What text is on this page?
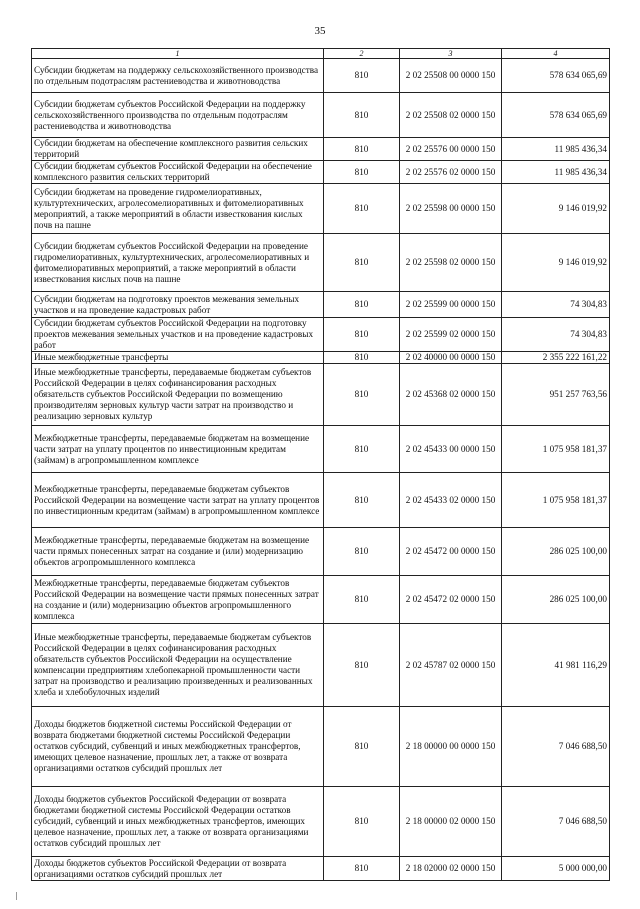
35
1	2	3	4
Субсидии бюджетам на поддержку сельскохозяйственного производства по отдельным подотраслям растениеводства и животноводства	810	2 02 25508 00 0000 150	578 634 065,69
Субсидии бюджетам субъектов Российской Федерации на поддержку сельскохозяйственного производства по отдельным подотраслям растениеводства и животноводства	810	2 02 25508 02 0000 150	578 634 065,69
Субсидии бюджетам на обеспечение комплексного развития сельских территорий	810	2 02 25576 00 0000 150	11 985 436,34
Субсидии бюджетам субъектов Российской Федерации на обеспечение комплексного развития сельских территорий	810	2 02 25576 02 0000 150	11 985 436,34
Субсидии бюджетам на проведение гидромелиоративных, культуртехнических, агролесомелиоративных и фитомелиоративных мероприятий, а также мероприятий в области известкования кислых почв на пашне	810	2 02 25598 00 0000 150	9 146 019,92
Субсидии бюджетам субъектов Российской Федерации на проведение гидромелиоративных, культуртехнических, агролесомелиоративных и фитомелиоративных мероприятий, а также мероприятий в области известкования кислых почв на пашне	810	2 02 25598 02 0000 150	9 146 019,92
Субсидии бюджетам на подготовку проектов межевания земельных участков и на проведение кадастровых работ	810	2 02 25599 00 0000 150	74 304,83
Субсидии бюджетам субъектов Российской Федерации на подготовку проектов межевания земельных участков и на проведение кадастровых работ	810	2 02 25599 02 0000 150	74 304,83
Иные межбюджетные трансферты	810	2 02 40000 00 0000 150	2 355 222 161,22
Иные межбюджетные трансферты, передаваемые бюджетам субъектов Российской Федерации в целях софинансирования расходных обязательств субъектов Российской Федерации по возмещению производителям зерновых культур части затрат на производство и реализацию зерновых культур	810	2 02 45368 02 0000 150	951 257 763,56
Межбюджетные трансферты, передаваемые бюджетам на возмещение части затрат на уплату процентов по инвестиционным кредитам (займам) в агропромышленном комплексе	810	2 02 45433 00 0000 150	1 075 958 181,37
Межбюджетные трансферты, передаваемые бюджетам субъектов Российской Федерации на возмещение части затрат на уплату процентов по инвестиционным кредитам (займам) в агропромышленном комплексе	810	2 02 45433 02 0000 150	1 075 958 181,37
Межбюджетные трансферты, передаваемые бюджетам на возмещение части прямых понесенных затрат на создание и (или) модернизацию объектов агропромышленного комплекса	810	2 02 45472 00 0000 150	286 025 100,00
Межбюджетные трансферты, передаваемые бюджетам субъектов Российской Федерации на возмещение части прямых понесенных затрат на создание и (или) модернизацию объектов агропромышленного комплекса	810	2 02 45472 02 0000 150	286 025 100,00
Иные межбюджетные трансферты, передаваемые бюджетам субъектов Российской Федерации в целях софинансирования расходных обязательств субъектов Российской Федерации на осуществление компенсации предприятиям хлебопекарной промышленности части затрат на производство и реализацию произведенных и реализованных хлеба и хлебобулочных изделий	810	2 02 45787 02 0000 150	41 981 116,29
Доходы бюджетов бюджетной системы Российской Федерации от возврата бюджетами бюджетной системы Российской Федерации остатков субсидий, субвенций и иных межбюджетных трансфертов, имеющих целевое назначение, прошлых лет, а также от возврата организациями остатков субсидий прошлых лет	810	2 18 00000 00 0000 150	7 046 688,50
Доходы бюджетов субъектов Российской Федерации от возврата бюджетами бюджетной системы Российской Федерации остатков субсидий, субвенций и иных межбюджетных трансфертов, имеющих целевое назначение, прошлых лет, а также от возврата организациями остатков субсидий прошлых лет	810	2 18 00000 02 0000 150	7 046 688,50
Доходы бюджетов субъектов Российской Федерации от возврата организациями остатков субсидий прошлых лет	810	2 18 02000 02 0000 150	5 000 000,00
